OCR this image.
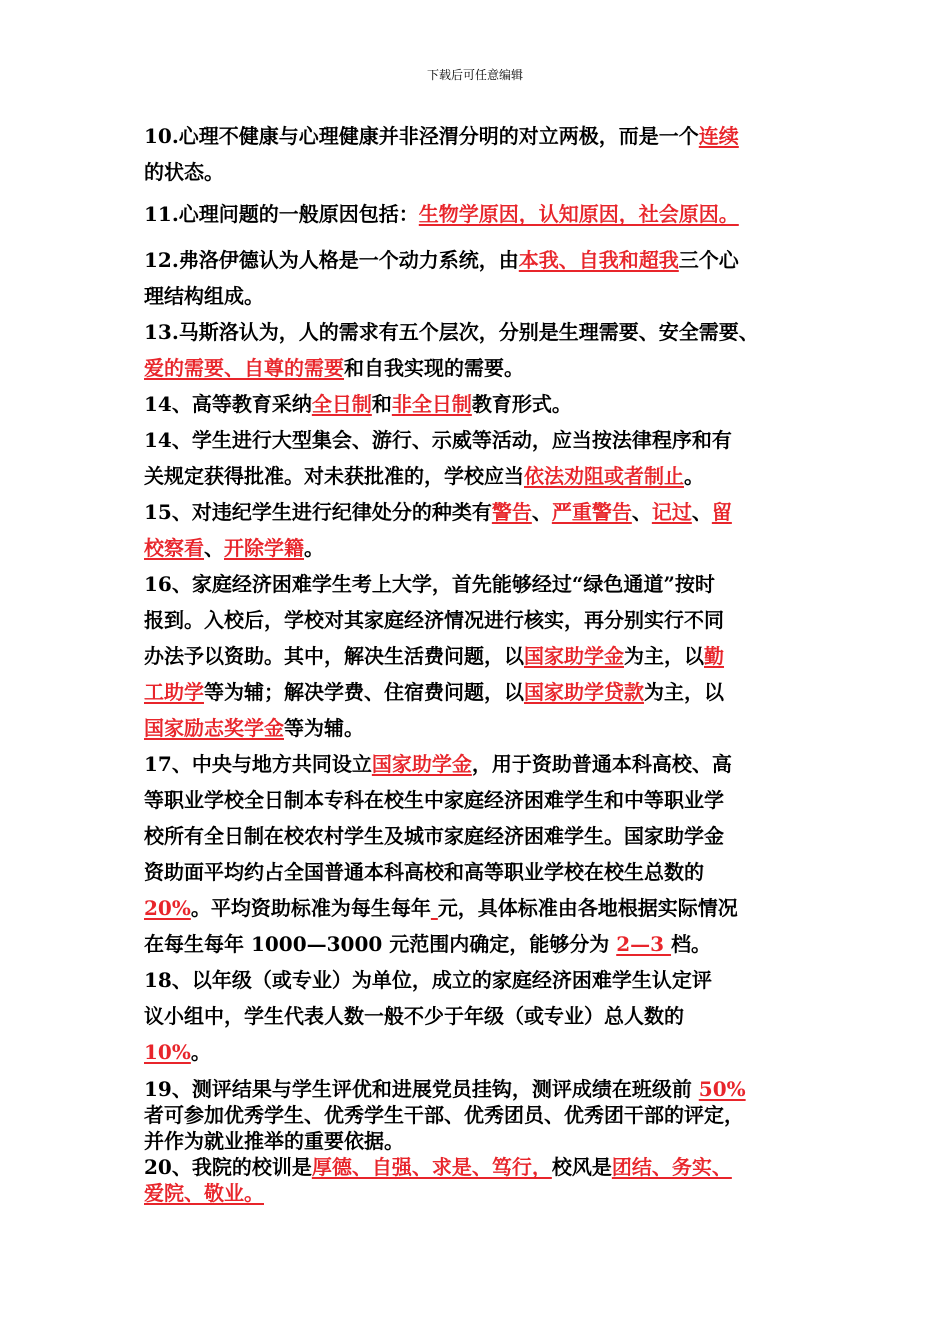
下载后可任意编辑

10.心理不健康与心理健康并非泾渭分明的对立两极，而是一个连续
的状态。

11.心理问题的一般原因包括：生物学原因，认知原因，社会原因。

12.弗洛伊德认为人格是一个动力系统，由本我、自我和超我三个心
理结构组成。

13.马斯洛认为，人的需求有五个层次，分别是生理需要、安全需要、
爱的需要、自尊的需要和自我实现的需要。

14、高等教育采纳全日制和非全日制教育形式。

14、学生进行大型集会、游行、示威等活动，应当按法律程序和有
关规定获得批准。对未获批准的，学校应当依法劝阻或者制止。

15、对违纪学生进行纪律处分的种类有警告、严重警告、记过、留
校察看、开除学籍。

16、家庭经济困难学生考上大学，首先能够经过“绿色通道”按时
报到。入校后，学校对其家庭经济情况进行核实，再分别实行不同
办法予以资助。其中，解决生活费问题，以国家助学金为主，以勤
工助学等为辅；解决学费、住宿费问题，以国家助学贷款为主，以
国家励志奖学金等为辅。

17、中央与地方共同设立国家助学金，用于资助普通本科高校、高
等职业学校全日制本专科在校生中家庭经济困难学生和中等职业学
校所有全日制在校农村学生及城市家庭经济困难学生。国家助学金
资助面平均约占全国普通本科高校和高等职业学校在校生总数的
20%。平均资助标准为每生每年 元，具体标准由各地根据实际情况
在每生每年 1000—3000 元范围内确定，能够分为 2—3 档。

18、以年级（或专业）为单位，成立的家庭经济困难学生认定评
议小组中，学生代表人数一般不少于年级（或专业）总人数的
10%。

19、测评结果与学生评优和进展党员挂钩，测评成绩在班级前 50%
者可参加优秀学生、优秀学生干部、优秀团员、优秀团干部的评定，
并作为就业推举的重要依据。

20、我院的校训是厚德、自强、求是、笃行，校风是团结、务实、
爱院、敬业。
